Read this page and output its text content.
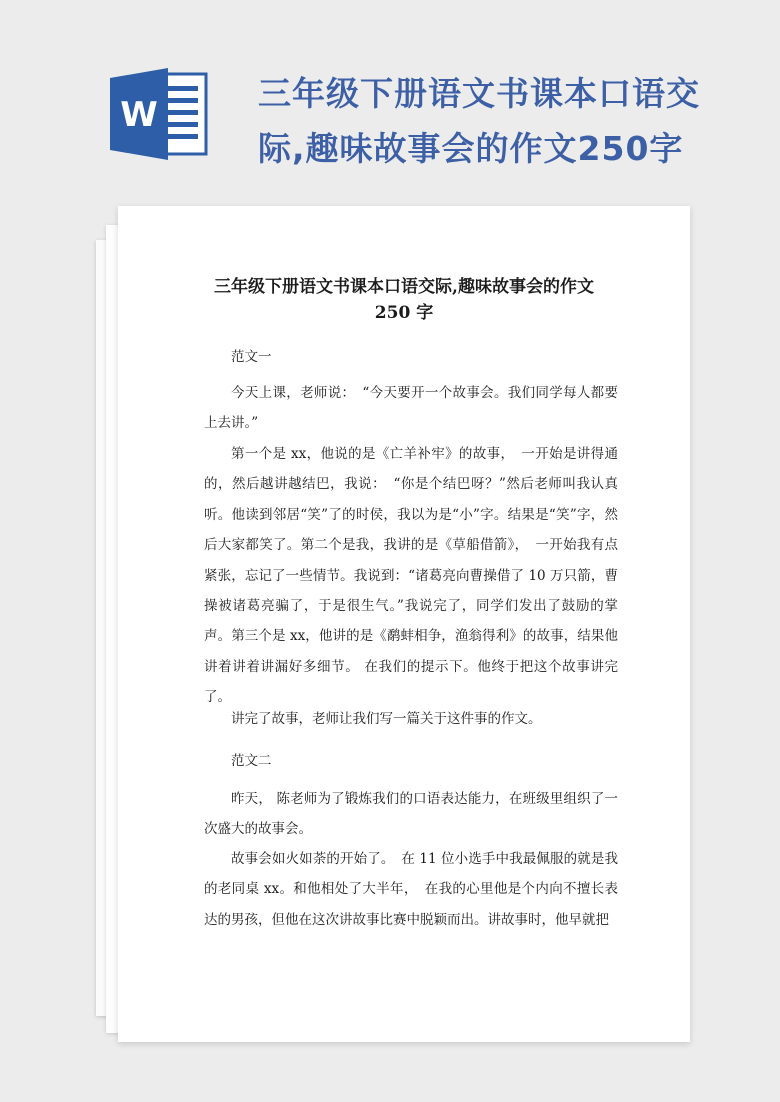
W
三年级下册语文书课本口语交
际,趣味故事会的作文250字
三年级下册语文书课本口语交际,趣味故事会的作文
250 字

范文一

今天上课，老师说：　“今天要开一个故事会。我们同学每人都要上去讲。”

第一个是 xx，他说的是《亡羊补牢》的故事，　一开始是讲得通的，然后越讲越结巴，我说：　“你是个结巴呀？”然后老师叫我认真听。他读到邻居“笑”了的时侯，我以为是“小”字。结果是“笑”字，然后大家都笑了。第二个是我，我讲的是《草船借箭》，　一开始我有点紧张，忘记了一些情节。我说到：“诸葛亮向曹操借了 10 万只箭，曹操被诸葛亮骗了，于是很生气。”我说完了，同学们发出了鼓励的掌声。第三个是 xx，他讲的是《鹬蚌相争，渔翁得利》的故事，结果他讲着讲着讲漏好多细节。 在我们的提示下。他终于把这个故事讲完了。

讲完了故事，老师让我们写一篇关于这件事的作文。

范文二

昨天， 陈老师为了锻炼我们的口语表达能力，在班级里组织了一次盛大的故事会。

故事会如火如荼的开始了。　在 11 位小选手中我最佩服的就是我的老同桌 xx。和他相处了大半年，　在我的心里他是个内向不擅长表达的男孩，但他在这次讲故事比赛中脱颖而出。讲故事时，他早就把
